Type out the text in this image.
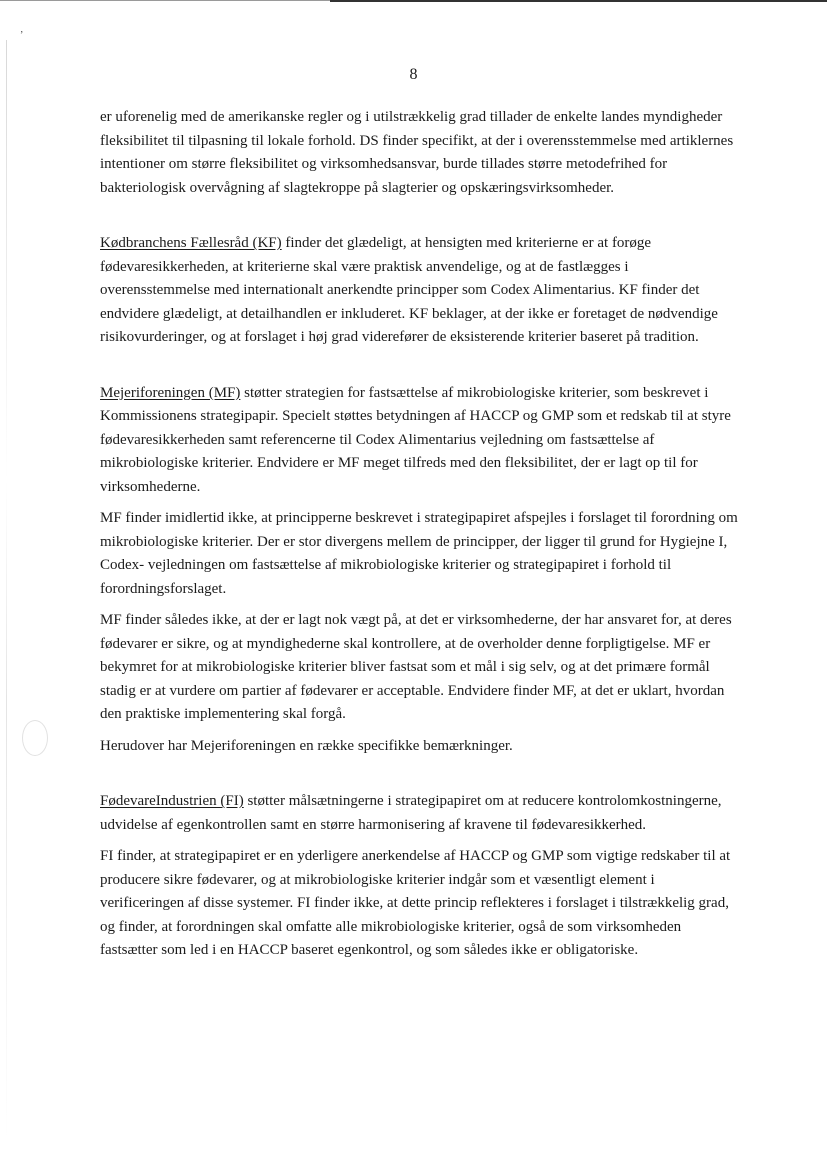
’
8

er uforenelig med de amerikanske regler og i utilstrækkelig grad tillader de enkelte landes myndigheder fleksibilitet til tilpasning til lokale forhold. DS finder specifikt, at der i overensstemmelse med artiklernes intentioner om større fleksibilitet og virksomhedsansvar, burde tillades større metodefrihed for bakteriologisk overvågning af slagtekroppe på slagterier og opskæringsvirksomheder.

Kødbranchens Fællesråd (KF) finder det glædeligt, at hensigten med kriterierne er at forøge fødevaresikkerheden, at kriterierne skal være praktisk anvendelige, og at de fastlægges i overensstemmelse med internationalt anerkendte principper som Codex Alimentarius. KF finder det endvidere glædeligt, at detailhandlen er inkluderet. KF beklager, at der ikke er foretaget de nødvendige risikovurderinger, og at forslaget i høj grad viderefører de eksisterende kriterier baseret på tradition.

Mejeriforeningen (MF) støtter strategien for fastsættelse af mikrobiologiske kriterier, som beskrevet i Kommissionens strategipapir. Specielt støttes betydningen af HACCP og GMP som et redskab til at styre fødevaresikkerheden samt referencerne til Codex Alimentarius vejledning om fastsættelse af mikrobiologiske kriterier. Endvidere er MF meget tilfreds med den fleksibilitet, der er lagt op til for virksomhederne.

MF finder imidlertid ikke, at principperne beskrevet i strategipapiret afspejles i forslaget til forordning om mikrobiologiske kriterier. Der er stor divergens mellem de principper, der ligger til grund for Hygiejne I, Codex- vejledningen om fastsættelse af mikrobiologiske kriterier og strategipapiret i forhold til forordningsforslaget.

MF finder således ikke, at der er lagt nok vægt på, at det er virksomhederne, der har ansvaret for, at deres fødevarer er sikre, og at myndighederne skal kontrollere, at de overholder denne forpligtigelse. MF er bekymret for at mikrobiologiske kriterier bliver fastsat som et mål i sig selv, og at det primære formål stadig er at vurdere om partier af fødevarer er acceptable. Endvidere finder MF, at det er uklart, hvordan den praktiske implementering skal forgå.

Herudover har Mejeriforeningen en række specifikke bemærkninger.

FødevareIndustrien (FI) støtter målsætningerne i strategipapiret om at reducere kontrolomkostningerne, udvidelse af egenkontrollen samt en større harmonisering af kravene til fødevaresikkerhed.

FI finder, at strategipapiret er en yderligere anerkendelse af HACCP og GMP som vigtige redskaber til at producere sikre fødevarer, og at mikrobiologiske kriterier indgår som et væsentligt element i verificeringen af disse systemer. FI finder ikke, at dette princip reflekteres i forslaget i tilstrækkelig grad, og finder, at forordningen skal omfatte alle mikrobiologiske kriterier, også de som virksomheden fastsætter som led i en HACCP baseret egenkontrol, og som således ikke er obligatoriske.
